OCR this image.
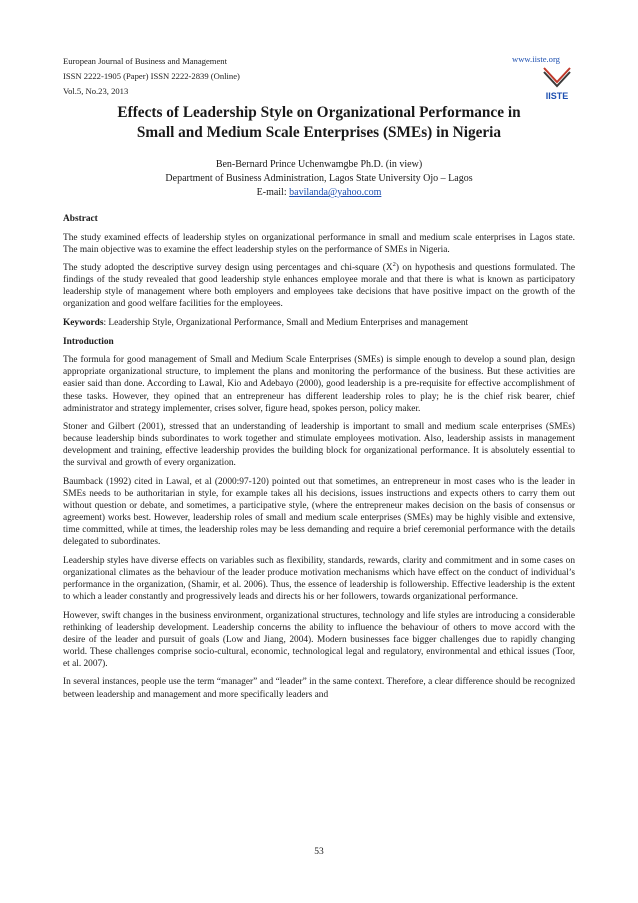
European Journal of Business and Management
ISSN 2222-1905 (Paper) ISSN 2222-2839 (Online)
Vol.5, No.23, 2013
www.iiste.org
IISTE
Effects of Leadership Style on Organizational Performance in
Small and Medium Scale Enterprises (SMEs) in Nigeria
Ben-Bernard Prince Uchenwamgbe Ph.D. (in view)
Department of Business Administration, Lagos State University Ojo – Lagos
E-mail: bavilanda@yahoo.com

Abstract

The study examined effects of leadership styles on organizational performance in small and medium scale enterprises in Lagos state. The main objective was to examine the effect leadership styles on the performance of SMEs in Nigeria.

The study adopted the descriptive survey design using percentages and chi-square $(X^2)$ on hypothesis and questions formulated. The findings of the study revealed that good leadership style enhances employee morale and that there is what is known as participatory leadership style of management where both employers and employees take decisions that have positive impact on the growth of the organization and good welfare facilities for the employees.

Keywords: Leadership Style, Organizational Performance, Small and Medium Enterprises and management

Introduction

The formula for good management of Small and Medium Scale Enterprises (SMEs) is simple enough to develop a sound plan, design appropriate organizational structure, to implement the plans and monitoring the performance of the business. But these activities are easier said than done. According to Lawal, Kio and Adebayo (2000), good leadership is a pre-requisite for effective accomplishment of these tasks. However, they opined that an entrepreneur has different leadership roles to play; he is the chief risk bearer, chief administrator and strategy implementer, crises solver, figure head, spokes person, policy maker.

Stoner and Gilbert (2001), stressed that an understanding of leadership is important to small and medium scale enterprises (SMEs) because leadership binds subordinates to work together and stimulate employees motivation. Also, leadership assists in management development and training, effective leadership provides the building block for organizational performance. It is absolutely essential to the survival and growth of every organization.

Baumback (1992) cited in Lawal, et al (2000:97-120) pointed out that sometimes, an entrepreneur in most cases who is the leader in SMEs needs to be authoritarian in style, for example takes all his decisions, issues instructions and expects others to carry them out without question or debate, and sometimes, a participative style, (where the entrepreneur makes decision on the basis of consensus or agreement) works best. However, leadership roles of small and medium scale enterprises (SMEs) may be highly visible and extensive, time committed, while at times, the leadership roles may be less demanding and require a brief ceremonial performance with the details delegated to subordinates.

Leadership styles have diverse effects on variables such as flexibility, standards, rewards, clarity and commitment and in some cases on organizational climates as the behaviour of the leader produce motivation mechanisms which have effect on the conduct of individual’s performance in the organization, (Shamir, et al. 2006). Thus, the essence of leadership is followership. Effective leadership is the extent to which a leader constantly and progressively leads and directs his or her followers, towards organizational performance.

However, swift changes in the business environment, organizational structures, technology and life styles are introducing a considerable rethinking of leadership development. Leadership concerns the ability to influence the behaviour of others to move accord with the desire of the leader and pursuit of goals (Low and Jiang, 2004). Modern businesses face bigger challenges due to rapidly changing world. These challenges comprise socio-cultural, economic, technological legal and regulatory, environmental and ethical issues (Toor, et al. 2007).

In several instances, people use the term “manager” and “leader” in the same context. Therefore, a clear difference should be recognized between leadership and management and more specifically leaders and

53
